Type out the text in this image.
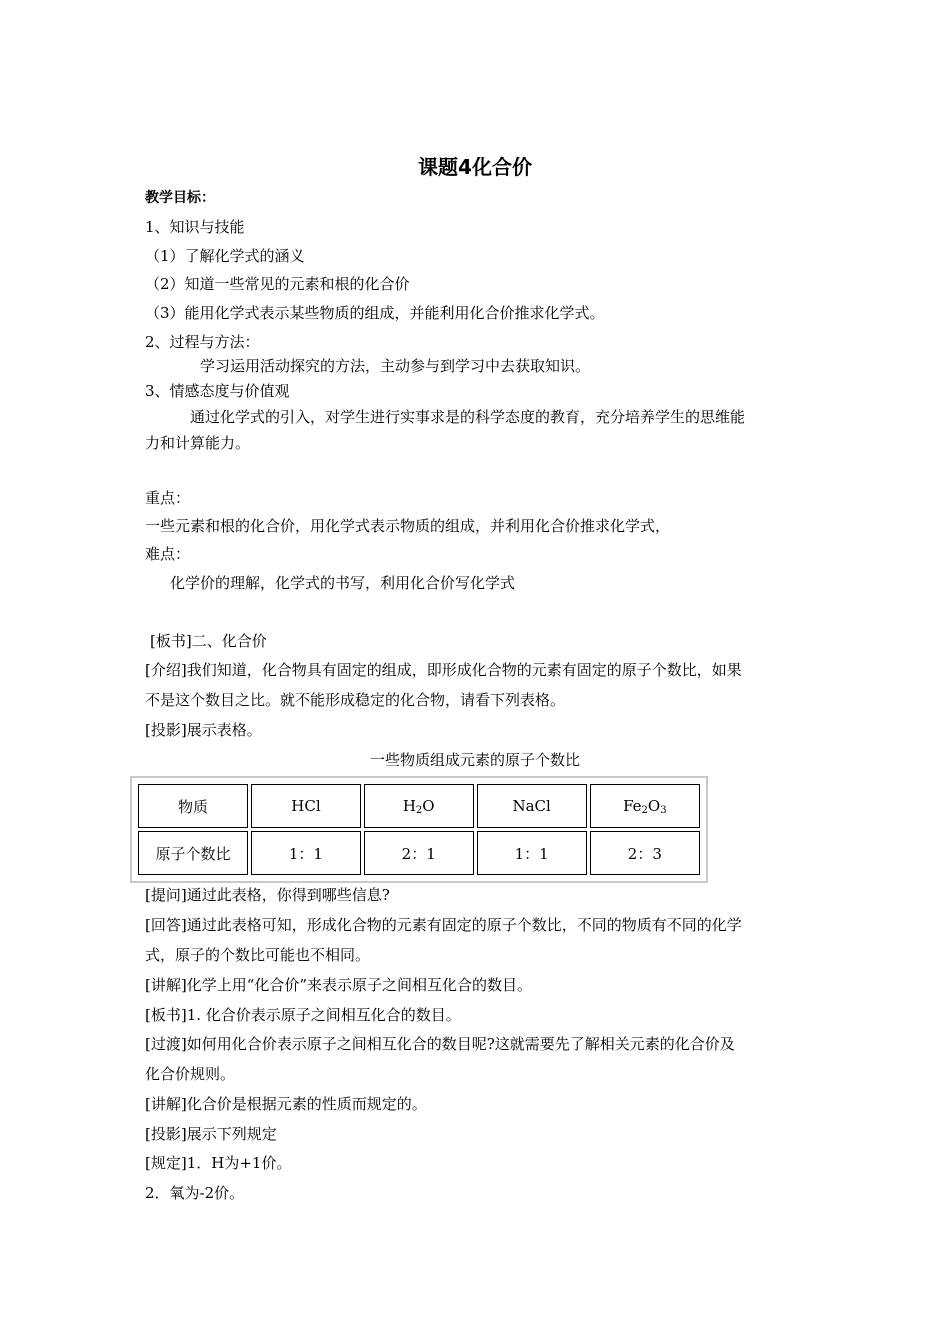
课题4化合价
教学目标：
1、知识与技能
（1）了解化学式的涵义
（2）知道一些常见的元素和根的化合价
（3）能用化学式表示某些物质的组成，并能利用化合价推求化学式。
2、过程与方法：
学习运用活动探究的方法，主动参与到学习中去获取知识。
3、情感态度与价值观
通过化学式的引入，对学生进行实事求是的科学态度的教育，充分培养学生的思维能
力和计算能力。
重点：
一些元素和根的化合价，用化学式表示物质的组成，并利用化合价推求化学式，
难点：
化学价的理解，化学式的书写，利用化合价写化学式
[板书]二、化合价
[介绍]我们知道，化合物具有固定的组成，即形成化合物的元素有固定的原子个数比，如果
不是这个数目之比。就不能形成稳定的化合物，请看下列表格。
[投影]展示表格。
一些物质组成元素的原子个数比
物质	HCl	$H_2O$	NaCl	$Fe_2O_3$
原子个数比	1：1	2：1	1：1	2：3
[提问]通过此表格，你得到哪些信息?
[回答]通过此表格可知，形成化合物的元素有固定的原子个数比，不同的物质有不同的化学
式，原子的个数比可能也不相同。
[讲解]化学上用“化合价”来表示原子之间相互化合的数目。
[板书]1. 化合价表示原子之间相互化合的数目。
[过渡]如何用化合价表示原子之间相互化合的数目呢?这就需要先了解相关元素的化合价及
化合价规则。
[讲解]化合价是根据元素的性质而规定的。
[投影]展示下列规定
[规定]1．H为+1价。
2．氧为-2价。
